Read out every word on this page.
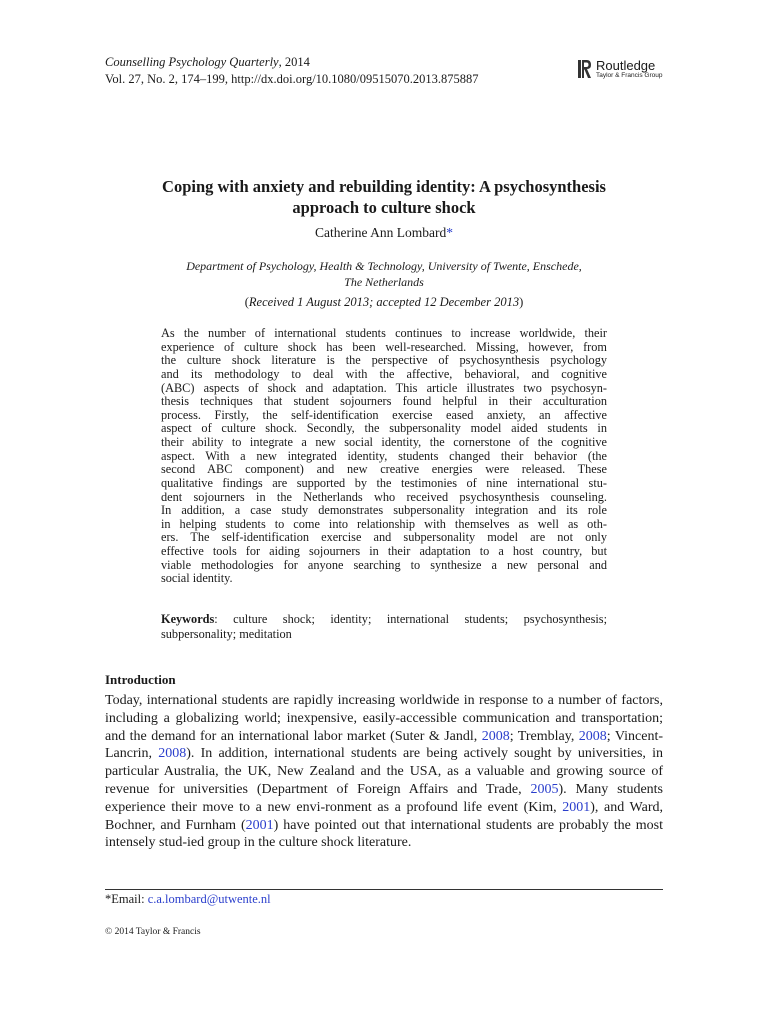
Counselling Psychology Quarterly, 2014
Vol. 27, No. 2, 174–199, http://dx.doi.org/10.1080/09515070.2013.875887
Routledge
Taylor & Francis Group
Coping with anxiety and rebuilding identity: A psychosynthesis
approach to culture shock
Catherine Ann Lombard*
Department of Psychology, Health & Technology, University of Twente, Enschede,
The Netherlands
(Received 1 August 2013; accepted 12 December 2013)
As the number of international students continues to increase worldwide, their
experience of culture shock has been well-researched. Missing, however, from
the culture shock literature is the perspective of psychosynthesis psychology
and its methodology to deal with the affective, behavioral, and cognitive
(ABC) aspects of shock and adaptation. This article illustrates two psychosyn-
thesis techniques that student sojourners found helpful in their acculturation
process. Firstly, the self-identification exercise eased anxiety, an affective
aspect of culture shock. Secondly, the subpersonality model aided students in
their ability to integrate a new social identity, the cornerstone of the cognitive
aspect. With a new integrated identity, students changed their behavior (the
second ABC component) and new creative energies were released. These
qualitative findings are supported by the testimonies of nine international stu-
dent sojourners in the Netherlands who received psychosynthesis counseling.
In addition, a case study demonstrates subpersonality integration and its role
in helping students to come into relationship with themselves as well as oth-
ers. The self-identification exercise and subpersonality model are not only
effective tools for aiding sojourners in their adaptation to a host country, but
viable methodologies for anyone searching to synthesize a new personal and
social identity.
Keywords: culture shock; identity; international students; psychosynthesis;
subpersonality; meditation
Introduction

Today, international students are rapidly increasing worldwide in response to a number of factors, including a globalizing world; inexpensive, easily-accessible communication and transportation; and the demand for an international labor market (Suter & Jandl, 2008; Tremblay, 2008; Vincent-Lancrin, 2008). In addition, international students are being actively sought by universities, in particular Australia, the UK, New Zealand and the USA, as a valuable and growing source of revenue for universities (Department of Foreign Affairs and Trade, 2005). Many students experience their move to a new envi-ronment as a profound life event (Kim, 2001), and Ward, Bochner, and Furnham (2001) have pointed out that international students are probably the most intensely stud-ied group in the culture shock literature.

*Email: c.a.lombard@utwente.nl
© 2014 Taylor & Francis
